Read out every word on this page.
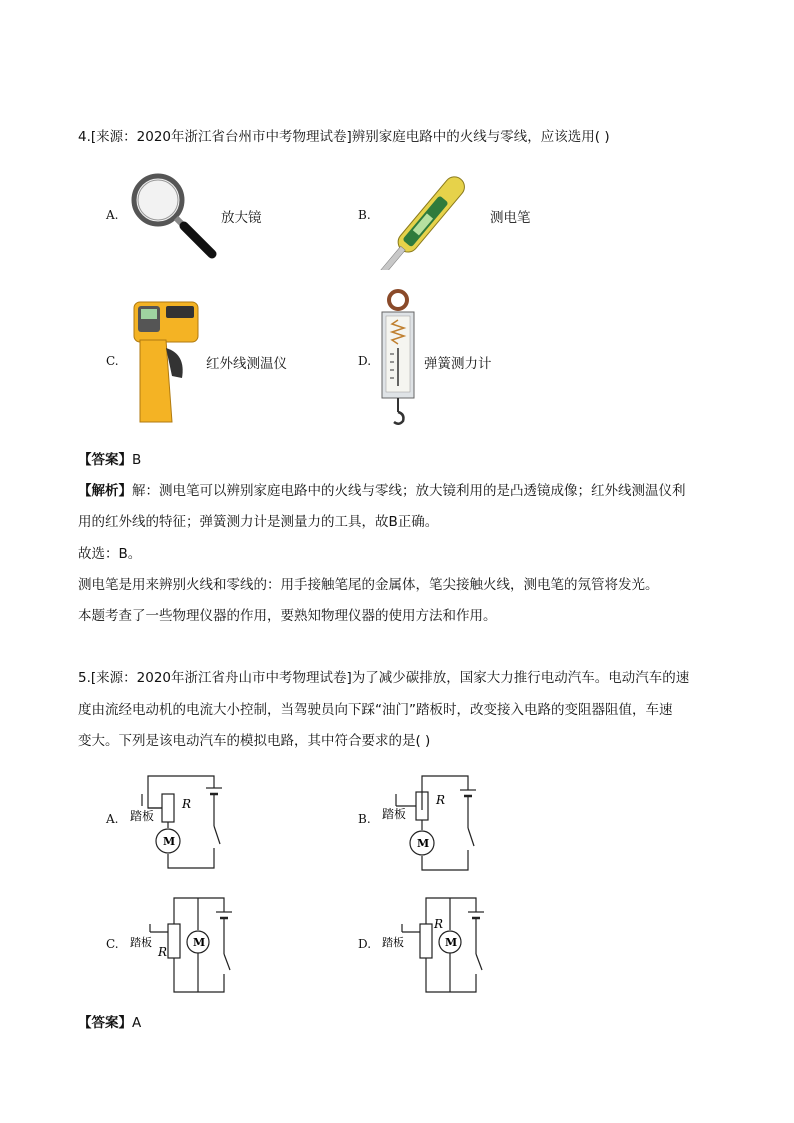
4.[来源：2020年浙江省台州市中考物理试卷]辨别家庭电路中的火线与零线，应该选用( )
A.	放大镜	B.	测电笔
C.	红外线测温仪	D.	弹簧测力计
【答案】B
【解析】解：测电笔可以辨别家庭电路中的火线与零线；放大镜利用的是凸透镜成像；红外线测温仪利
用的红外线的特征；弹簧测力计是测量力的工具，故B正确。
故选：B。
测电笔是用来辨别火线和零线的：用手接触笔尾的金属体，笔尖接触火线，测电笔的氖管将发光。
本题考查了一些物理仪器的作用，要熟知物理仪器的使用方法和作用。
5.[来源：2020年浙江省舟山市中考物理试卷]为了减少碳排放，国家大力推行电动汽车。电动汽车的速
度由流经电动机的电流大小控制，当驾驶员向下踩“油门”踏板时，改变接入电路的变阻器阻值，车速
变大。下列是该电动汽车的模拟电路，其中符合要求的是( )
A.
R
M
踏板	B.
R
M
踏板
C.
R
M
踏板	D.
R
M
踏板
【答案】A
